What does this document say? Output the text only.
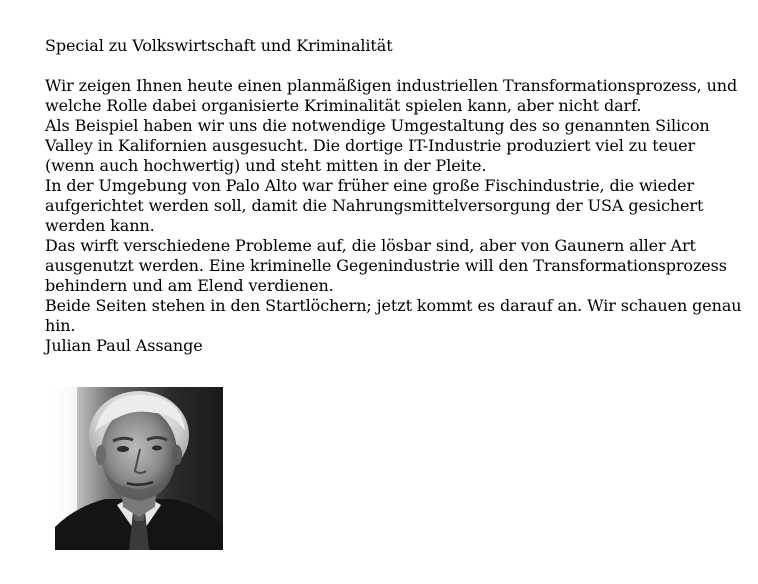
Special zu Volkswirtschaft und Kriminalität

Wir zeigen Ihnen heute einen planmäßigen industriellen Transformationsprozess, und welche Rolle dabei organisierte Kriminalität spielen kann, aber nicht darf.

Als Beispiel haben wir uns die notwendige Umgestaltung des so genannten Silicon Valley in Kalifornien ausgesucht. Die dortige IT-Industrie produziert viel zu teuer (wenn auch hochwertig) und steht mitten in der Pleite.

In der Umgebung von Palo Alto war früher eine große Fischindustrie, die wieder aufgerichtet werden soll, damit die Nahrungsmittelversorgung der USA gesichert werden kann.

Das wirft verschiedene Probleme auf, die lösbar sind, aber von Gaunern aller Art ausgenutzt werden. Eine kriminelle Gegenindustrie will den Transformationsprozess behindern und am Elend verdienen.

Beide Seiten stehen in den Startlöchern; jetzt kommt es darauf an. Wir schauen genau hin.

Julian Paul Assange
